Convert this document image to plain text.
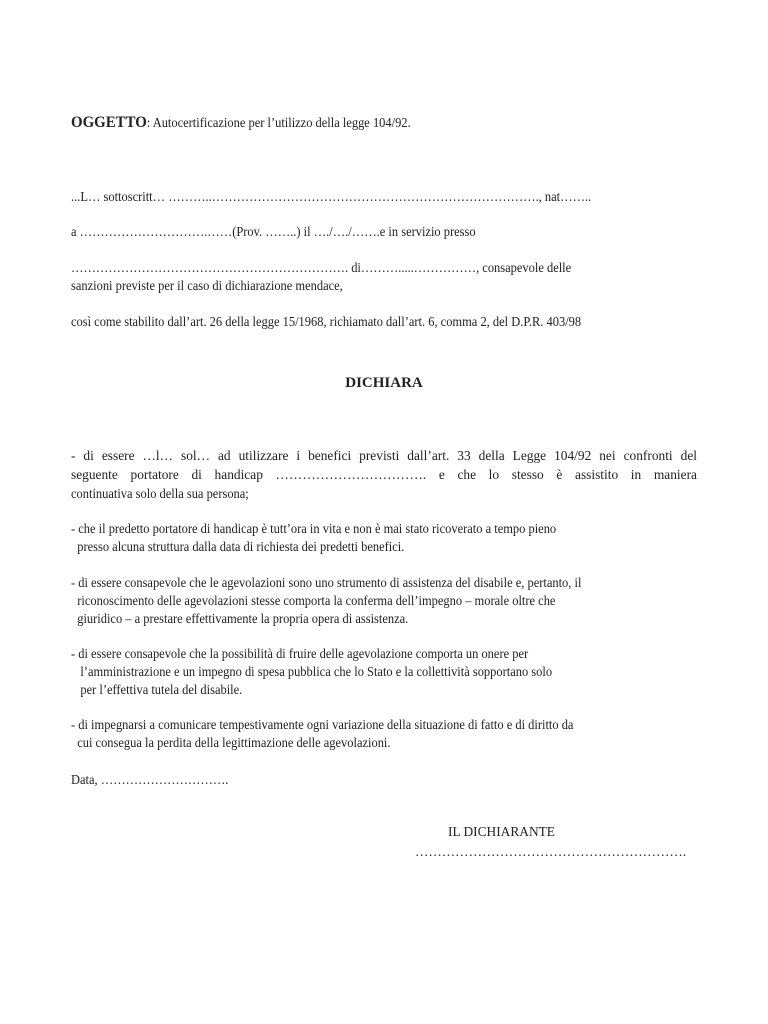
OGGETTO: Autocertificazione per l’utilizzo della legge 104/92.
...L… sottoscritt… ………..……………………………………………………………………., nat……..
a ………………………….……(Prov. ……..) il …./…./…….e in servizio presso
…………………………………………………………. di……….....……………, consapevole delle
sanzioni previste per il caso di dichiarazione mendace,
così come stabilito dall’art. 26 della legge 15/1968, richiamato dall’art. 6, comma 2, del D.P.R. 403/98
DICHIARA
- di essere …l… sol… ad utilizzare i benefici previsti dall’art. 33 della Legge 104/92 nei confronti del
seguente portatore di handicap ……………………………. e che lo stesso è assistito in maniera
continuativa solo della sua persona;
- che il predetto portatore di handicap è tutt’ora in vita e non è mai stato ricoverato a tempo pieno
presso alcuna struttura dalla data di richiesta dei predetti benefici.
- di essere consapevole che le agevolazioni sono uno strumento di assistenza del disabile e, pertanto, il
riconoscimento delle agevolazioni stesse comporta la conferma dell’impegno – morale oltre che
giuridico – a prestare effettivamente la propria opera di assistenza.
- di essere consapevole che la possibilità di fruire delle agevolazione comporta un onere per
l’amministrazione e un impegno di spesa pubblica che lo Stato e la collettività sopportano solo
per l’effettiva tutela del disabile.
- di impegnarsi a comunicare tempestivamente ogni variazione della situazione di fatto e di diritto da
cui consegua la perdita della legittimazione delle agevolazioni.
Data, ………………………….
IL DICHIARANTE
…………………………………………………….
